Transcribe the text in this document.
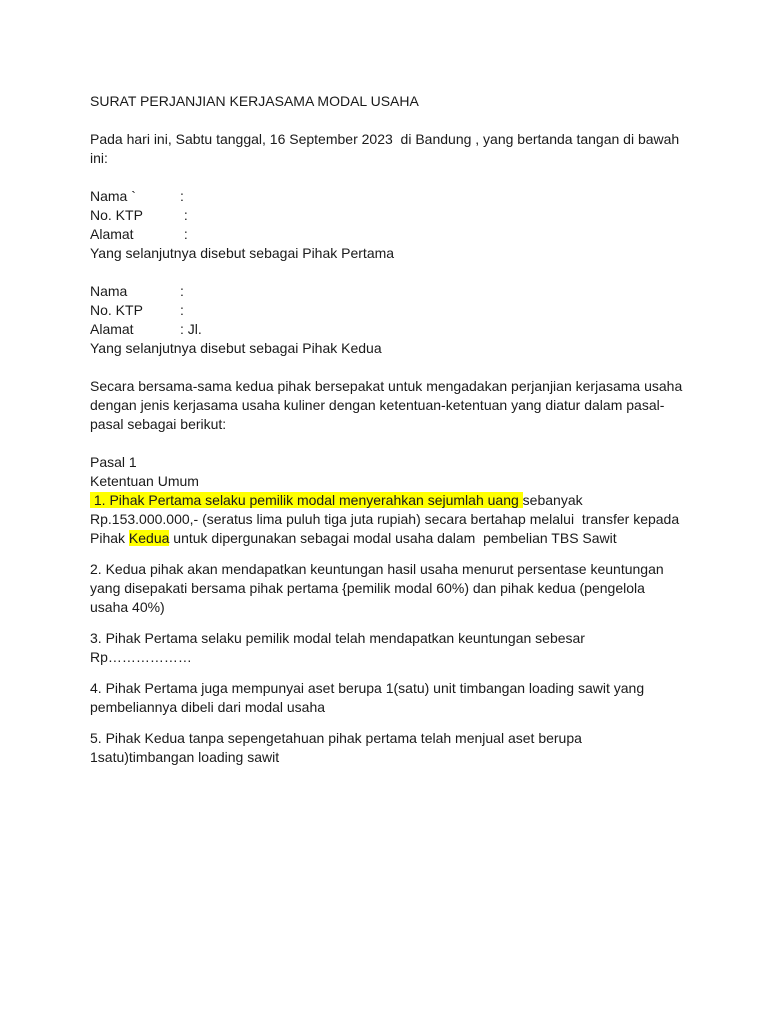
SURAT PERJANJIAN KERJASAMA MODAL USAHA
Pada hari ini, Sabtu tanggal, 16 September 2023  di Bandung , yang bertanda tangan di bawah
ini:
Nama `	:
No. KTP	:
Alamat	:
Yang selanjutnya disebut sebagai Pihak Pertama
Nama	:
No. KTP	:
Alamat	: Jl.
Yang selanjutnya disebut sebagai Pihak Kedua
Secara bersama-sama kedua pihak bersepakat untuk mengadakan perjanjian kerjasama usaha
dengan jenis kerjasama usaha kuliner dengan ketentuan-ketentuan yang diatur dalam pasal-
pasal sebagai berikut:
Pasal 1
Ketentuan Umum
1. Pihak Pertama selaku pemilik modal menyerahkan sejumlah uang sebanyak
Rp.153.000.000,- (seratus lima puluh tiga juta rupiah) secara bertahap melalui  transfer kepada
Pihak Kedua untuk dipergunakan sebagai modal usaha dalam  pembelian TBS Sawit
2. Kedua pihak akan mendapatkan keuntungan hasil usaha menurut persentase keuntungan
yang disepakati bersama pihak pertama {pemilik modal 60%) dan pihak kedua (pengelola
usaha 40%)
3. Pihak Pertama selaku pemilik modal telah mendapatkan keuntungan sebesar
Rp………………
4. Pihak Pertama juga mempunyai aset berupa 1(satu) unit timbangan loading sawit yang
pembeliannya dibeli dari modal usaha
5. Pihak Kedua tanpa sepengetahuan pihak pertama telah menjual aset berupa
1satu)timbangan loading sawit
